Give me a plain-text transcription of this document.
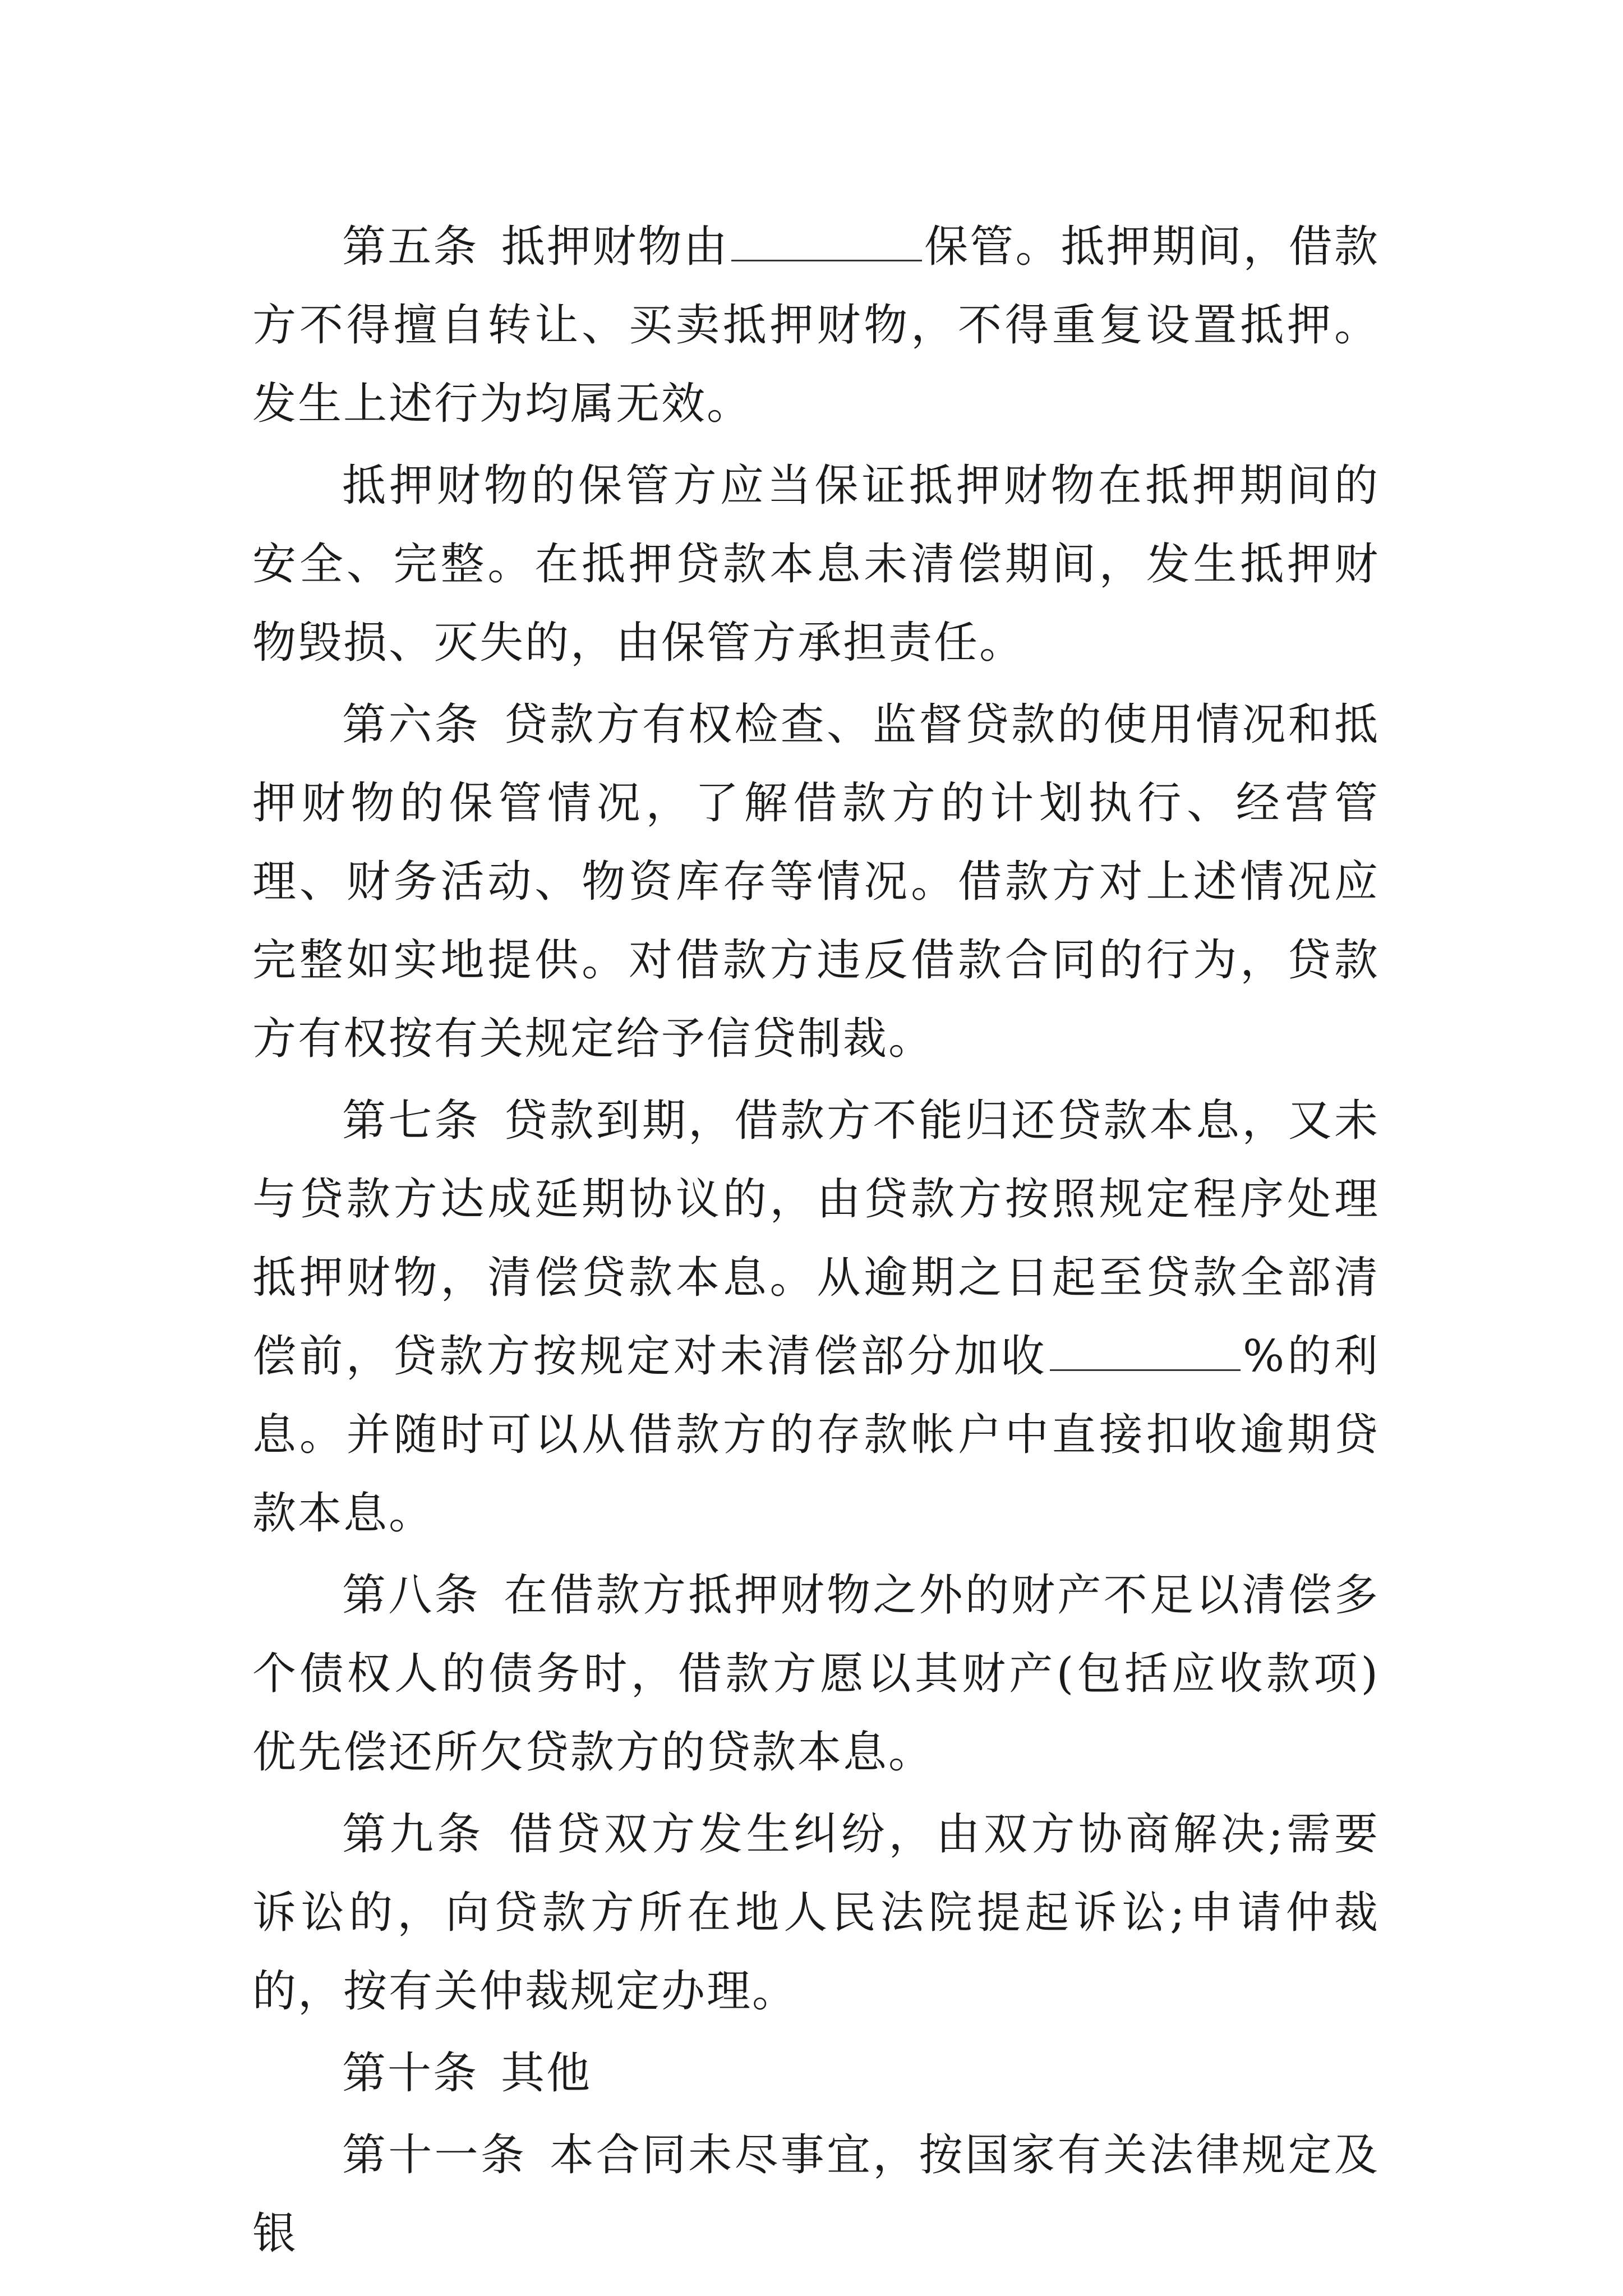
第五条 抵押财物由	保管。抵押期间，借款方不得擅自转让、买卖抵押财物，不得重复设置抵押。发生上述行为均属无效。

抵押财物的保管方应当保证抵押财物在抵押期间的安全、完整。在抵押贷款本息未清偿期间，发生抵押财物毁损、灭失的，由保管方承担责任。

第六条 贷款方有权检查、监督贷款的使用情况和抵押财物的保管情况，了解借款方的计划执行、经营管理、财务活动、物资库存等情况。借款方对上述情况应完整如实地提供。对借款方违反借款合同的行为，贷款方有权按有关规定给予信贷制裁。

第七条 贷款到期，借款方不能归还贷款本息，又未与贷款方达成延期协议的，由贷款方按照规定程序处理抵押财物，清偿贷款本息。从逾期之日起至贷款全部清偿前，贷款方按规定对未清偿部分加收	%的利息。并随时可以从借款方的存款帐户中直接扣收逾期贷款本息。

第八条 在借款方抵押财物之外的财产不足以清偿多个债权人的债务时，借款方愿以其财产(包括应收款项)优先偿还所欠贷款方的贷款本息。

第九条 借贷双方发生纠纷，由双方协商解决;需要诉讼的，向贷款方所在地人民法院提起诉讼;申请仲裁的，按有关仲裁规定办理。

第十条 其他

第十一条 本合同未尽事宜，按国家有关法律规定及银
